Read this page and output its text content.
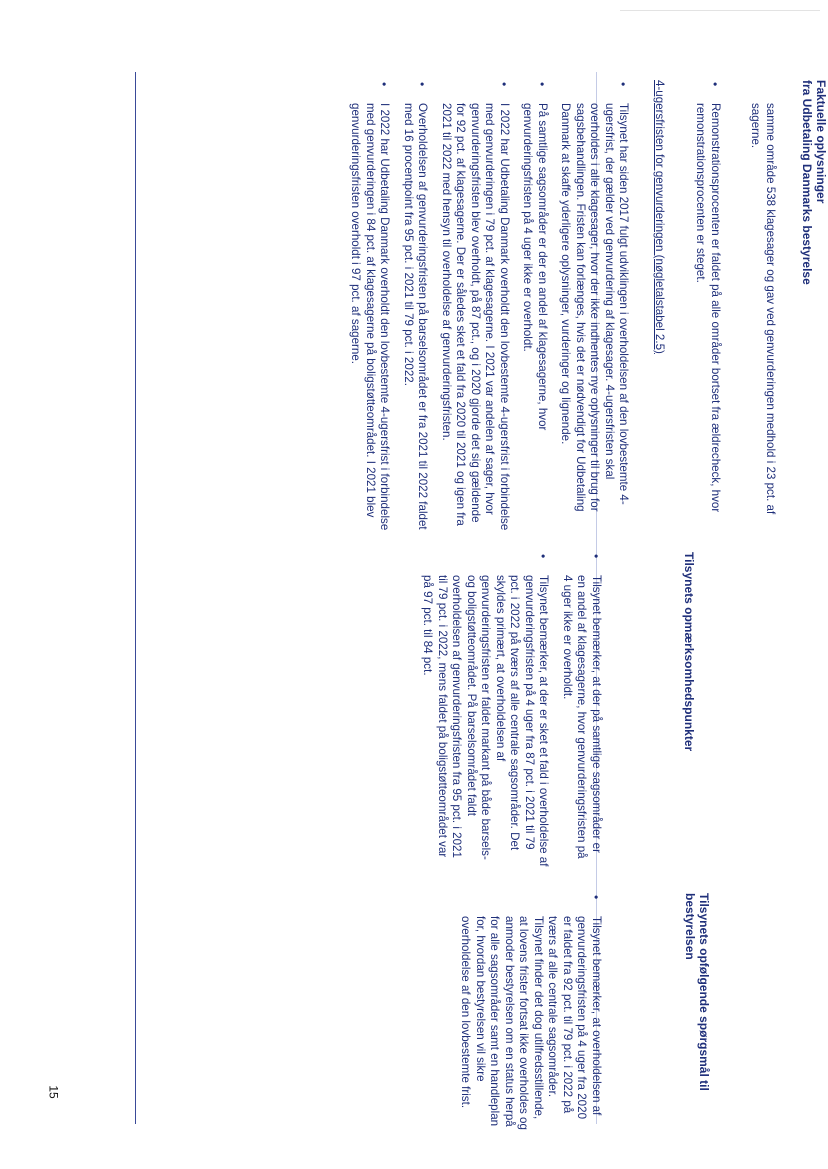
15
Faktuelle oplysninger
fra Udbetaling Danmarks bestyrelse

samme område 538 klagesager og gav ved genvurderingen medhold i 23 pct. af sagerne.

• Remonstrationsprocenten er faldet på alle områder bortset fra ældrecheck, hvor remonstrationsprocenten er steget.
4-ugersfristen for genvurderingen (nøgletalstabel 2.5)
• Tilsynet har siden 2017 fulgt udviklingen i overholdelsen af den lovbestemte 4-ugersfrist, der gælder ved genvurdering af klagesager. 4-ugersfristen skal overholdes i alle klagesager, hvor der ikke indhentes nye oplysninger til brug for sagsbehandlingen. Fristen kan forlænges, hvis det er nødvendigt for Udbetaling Danmark at skaffe yderligere oplysninger, vurderinger og lignende.
• På samtlige sagsområder er der en andel af klagesagerne, hvor genvurderingsfristen på 4 uger ikke er overholdt.
• I 2022 har Udbetaling Danmark overholdt den lovbestemte 4-ugersfrist i forbindelse med genvurderingen i 79 pct. af klagesagerne. I 2021 var andelen af sager, hvor genvurderingsfristen blev overholdt, på 87 pct., og i 2020 gjorde det sig gældende for 92 pct. af klagesagerne. Der er således sket et fald fra 2020 til 2021 og igen fra 2021 til 2022 med hensyn til overholdelse af genvurderingsfristen.
• Overholdelsen af genvurderingsfristen på barselsområdet er fra 2021 til 2022 faldet med 16 procentpoint fra 95 pct. i 2021 til 79 pct. i 2022.
• I 2022 har Udbetaling Danmark overholdt den lovbestemte 4-ugersfrist i forbindelse med genvurderingen i 84 pct. af klagesagerne på boligstøtteområdet. I 2021 blev genvurderingsfristen overholdt i 97 pct. af sagerne.
Tilsynets opmærksomhedspunkter
• Tilsynet bemærker, at der på samtlige sagsområder er en andel af klagesagerne, hvor genvurderingsfristen på 4 uger ikke er overholdt.
• Tilsynet bemærker, at der er sket et fald i overholdelse af genvurderingsfristen på 4 uger fra 87 pct. i 2021 til 79 pct. i 2022 på tværs af alle centrale sagsområder. Det skyldes primært, at overholdelsen af genvurderingsfristen er faldet markant på både barsels- og boligstøtteområdet. På barselsområdet faldt overholdelsen af genvurderingsfristen fra 95 pct. i 2021 til 79 pct. i 2022, mens faldet på boligstøtteområdet var på 97 pct. til 84 pct.
Tilsynets opfølgende spørgsmål til
bestyrelsen
• Tilsynet bemærker, at overholdelsen af genvurderingsfristen på 4 uger fra 2020 er faldet fra 92 pct. til 79 pct. i 2022 på tværs af alle centrale sagsområder. Tilsynet finder det dog utilfredsstillende, at lovens frister fortsat ikke overholdes og anmoder bestyrelsen om en status herpå for alle sagsområder samt en handleplan for, hvordan bestyrelsen vil sikre overholdelse af den lovbestemte frist.
